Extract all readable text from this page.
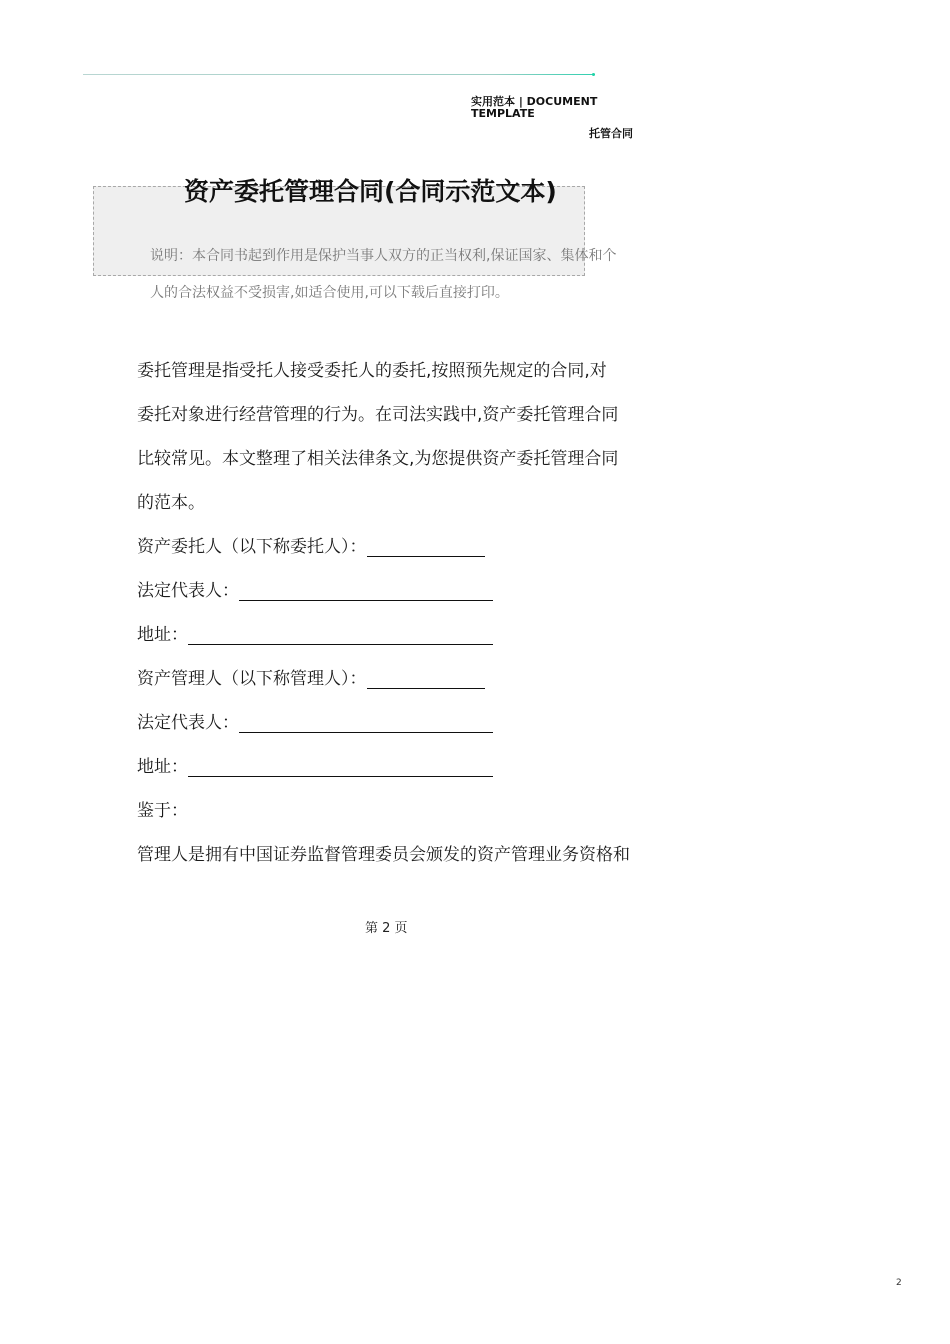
实用范本 | DOCUMENT TEMPLATE
托管合同
资产委托管理合同(合同示范文本)
说明：本合同书起到作用是保护当事人双方的正当权利,保证国家、集体和个
人的合法权益不受损害,如适合使用,可以下载后直接打印。
委托管理是指受托人接受委托人的委托,按照预先规定的合同,对
委托对象进行经营管理的行为。在司法实践中,资产委托管理合同
比较常见。本文整理了相关法律条文,为您提供资产委托管理合同
的范本。
资产委托人（以下称委托人）：
法定代表人：
地址：
资产管理人（以下称管理人）：
法定代表人：
地址：
鉴于：
管理人是拥有中国证券监督管理委员会颁发的资产管理业务资格和
第 2 页
2
